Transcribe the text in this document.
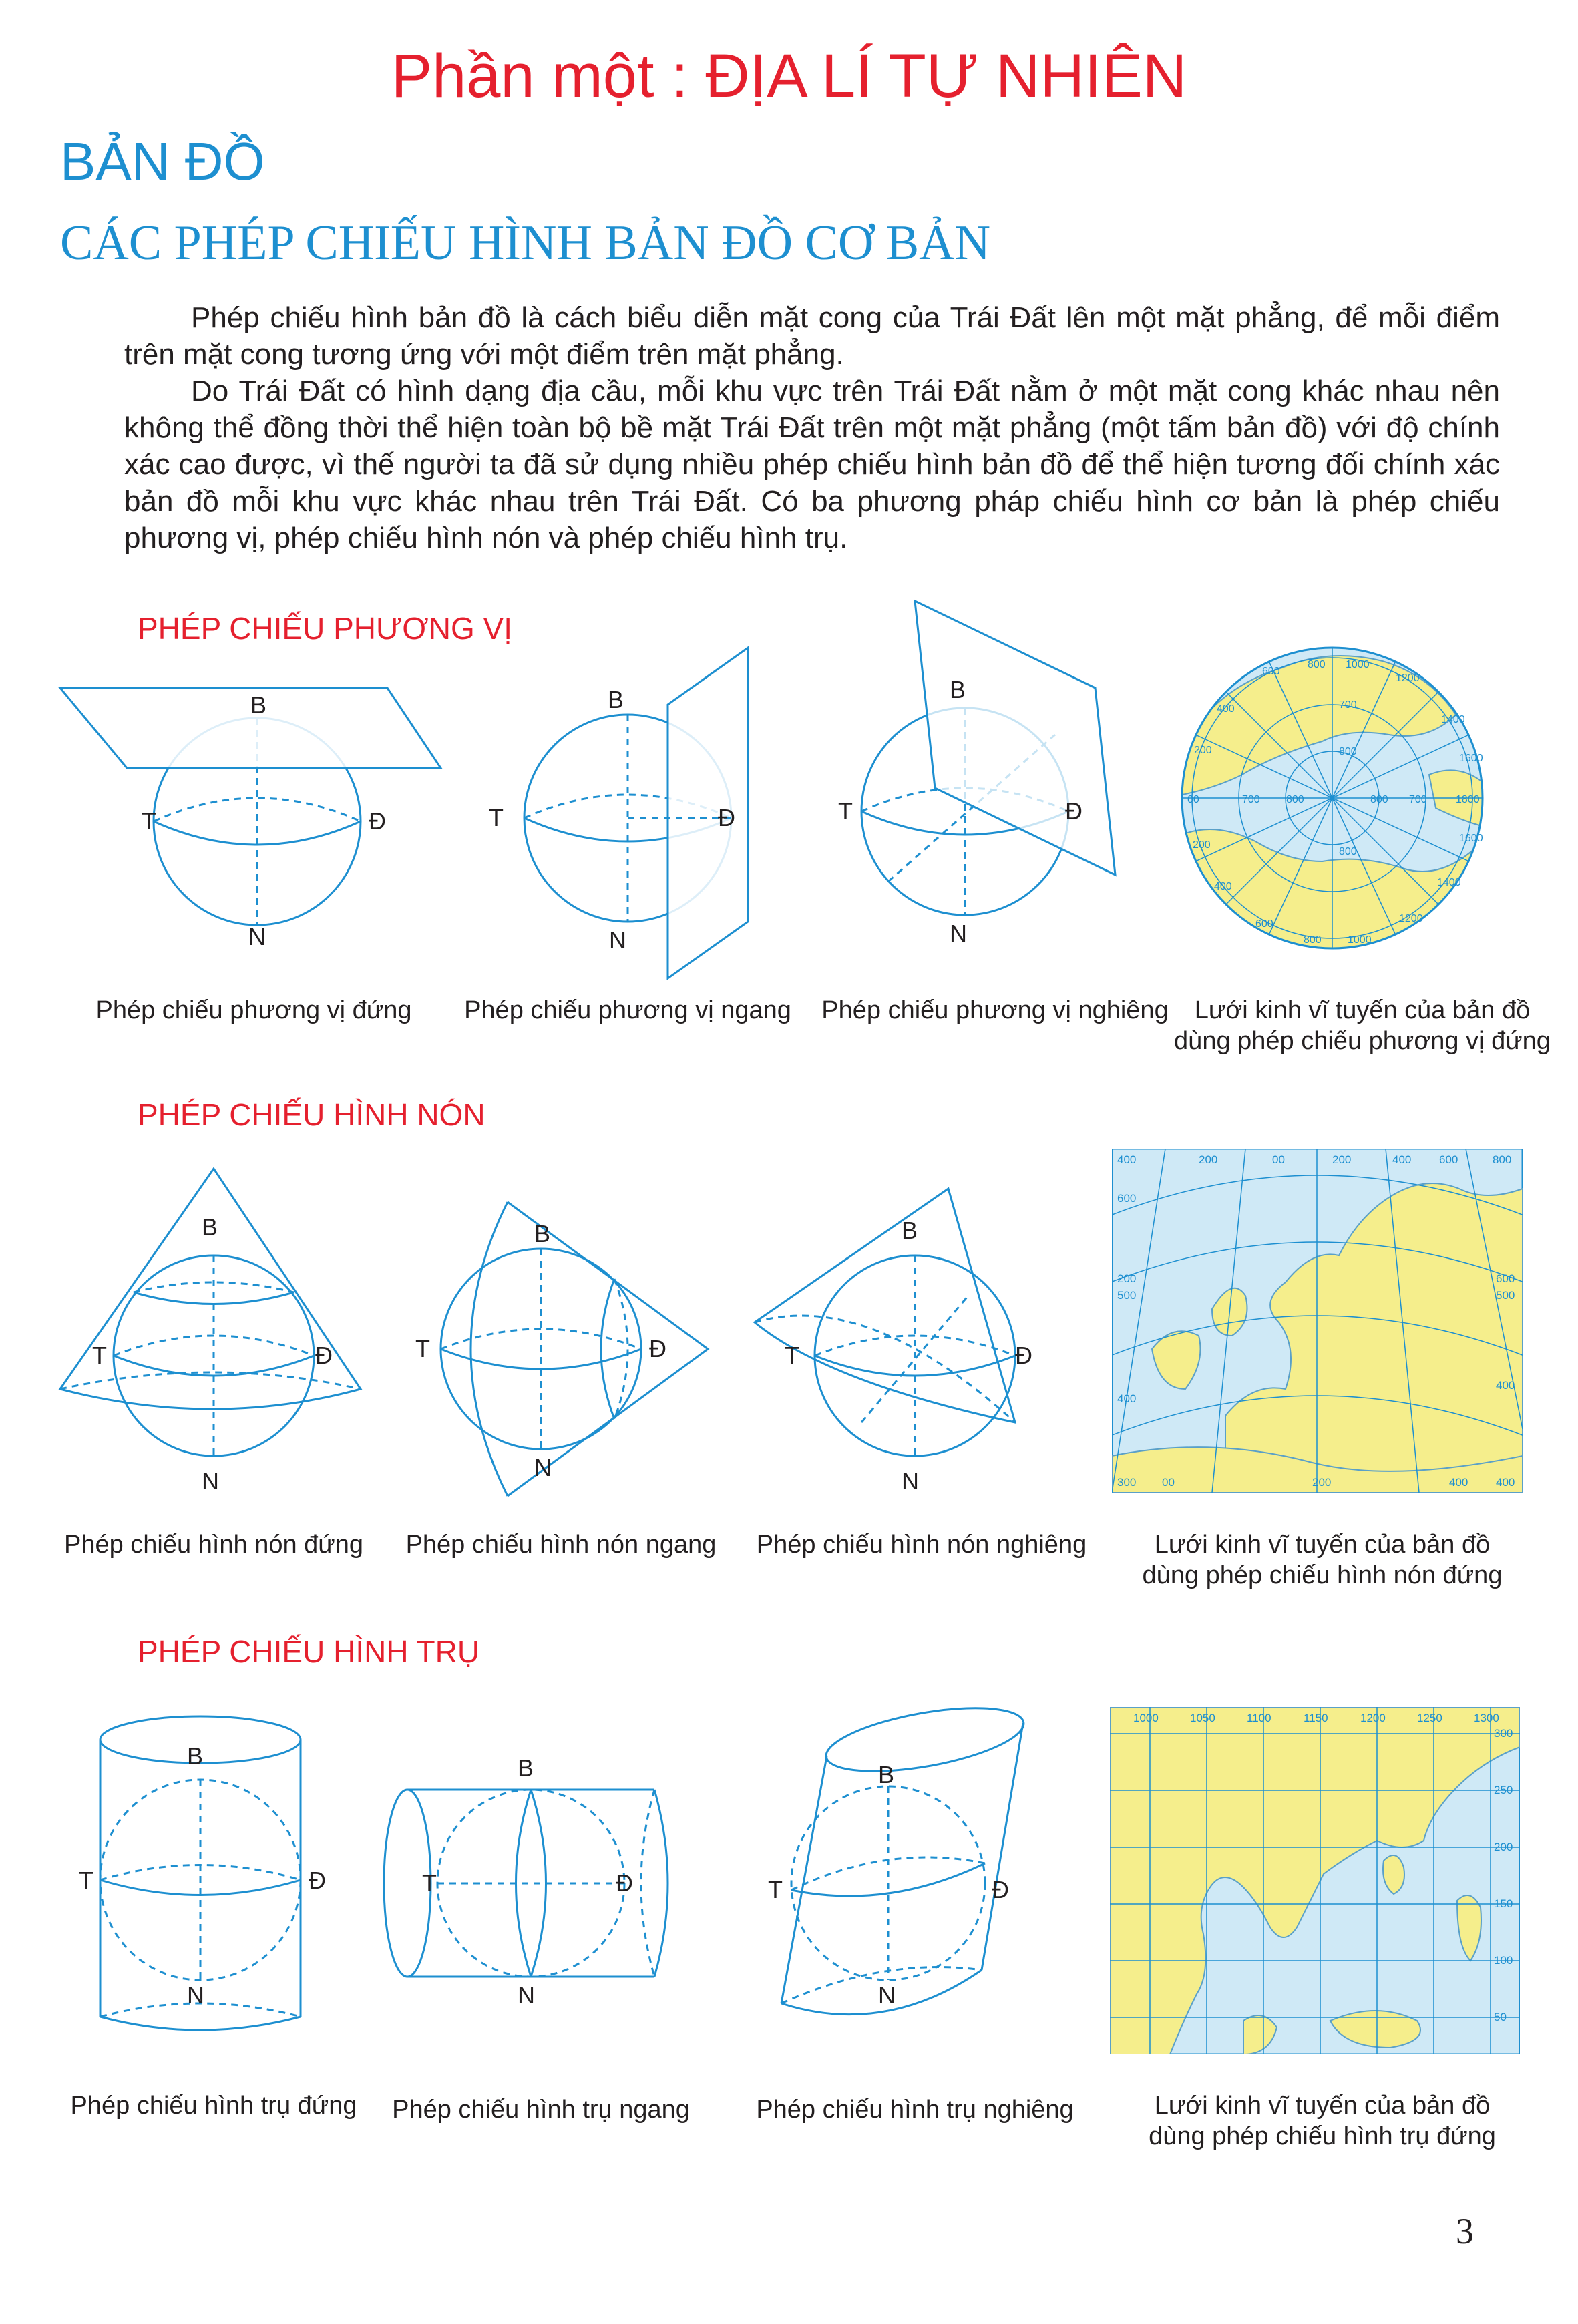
Phần một : ĐỊA LÍ TỰ NHIÊN
BẢN ĐỒ
CÁC PHÉP CHIẾU HÌNH BẢN ĐỒ CƠ BẢN

Phép chiếu hình bản đồ là cách biểu diễn mặt cong của Trái Đất lên một mặt phẳng, để mỗi điểm trên mặt cong tương ứng với một điểm trên mặt phẳng.

Do Trái Đất có hình dạng địa cầu, mỗi khu vực trên Trái Đất nằm ở một mặt cong khác nhau nên không thể đồng thời thể hiện toàn bộ bề mặt Trái Đất trên một mặt phẳng (một tấm bản đồ) với độ chính xác cao được, vì thế người ta đã sử dụng nhiều phép chiếu hình bản đồ để thể hiện tương đối chính xác bản đồ mỗi khu vực khác nhau trên Trái Đất. Có ba phương pháp chiếu hình cơ bản là phép chiếu phương vị, phép chiếu hình nón và phép chiếu hình trụ.

PHÉP CHIẾU PHƯƠNG VỊ
B
N
T	Đ
B
N
T	Đ
B
N
T	Đ	700 800	800 700
700
800
800
800 1000
1200
1400
1600
1800
600
400
200
00
200
400
600
800 1000
1200
1400
1600
Phép chiếu phương vị đứng	Phép chiếu phương vị ngang	Phép chiếu phương vị nghiêng	Lưới kinh vĩ tuyến của bản đồ
dùng phép chiếu phương vị đứng
PHÉP CHIẾU HÌNH NÓN
B
N
T	Đ
B
N
T	Đ
B
N
T	Đ
400	200	00	200	400 600	800
600
200
500
400
300
600
500
400
400
00	200	400
Phép chiếu hình nón đứng	Phép chiếu hình nón ngang	Phép chiếu hình nón nghiêng	Lưới kinh vĩ tuyến của bản đồ
dùng phép chiếu hình nón đứng
PHÉP CHIẾU HÌNH TRỤ
B
N
T	Đ
B
N
T	Đ
B
N
T	Đ
1000	1050	1100	1150	1200	1250	1300
300
250
200
150
100
50
Phép chiếu hình trụ đứng	Phép chiếu hình trụ ngang	Phép chiếu hình trụ nghiêng	Lưới kinh vĩ tuyến của bản đồ
dùng phép chiếu hình trụ đứng
3
